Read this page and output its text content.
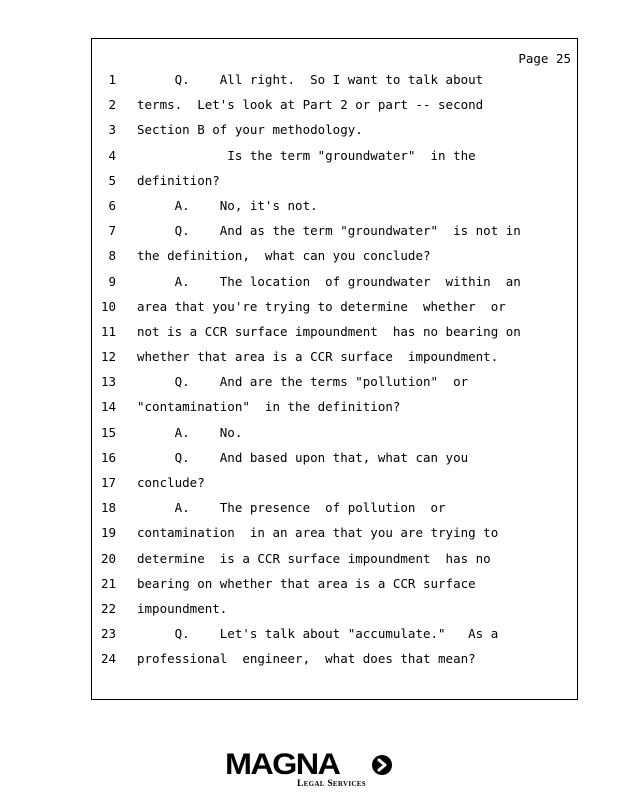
Page 25
1 Q.    All right.  So I want to talk about
2 terms.  Let's look at Part 2 or part -- second
3 Section B of your methodology.
4 Is the term "groundwater"  in the
5 definition?
6 A.    No, it's not.
7 Q.    And as the term "groundwater"  is not in
8 the definition,  what can you conclude?
9 A.    The location  of groundwater  within  an
10 area that you're trying to determine  whether  or
11 not is a CCR surface impoundment  has no bearing on
12 whether that area is a CCR surface  impoundment.
13 Q.    And are the terms "pollution"  or
14 "contamination"  in the definition?
15 A.    No.
16 Q.    And based upon that, what can you
17 conclude?
18 A.    The presence  of pollution  or
19 contamination  in an area that you are trying to
20 determine  is a CCR surface impoundment  has no
21 bearing on whether that area is a CCR surface
22 impoundment.
23 Q.    Let's talk about "accumulate."   As a
24 professional  engineer,  what does that mean?
MAGNA
Legal Services
